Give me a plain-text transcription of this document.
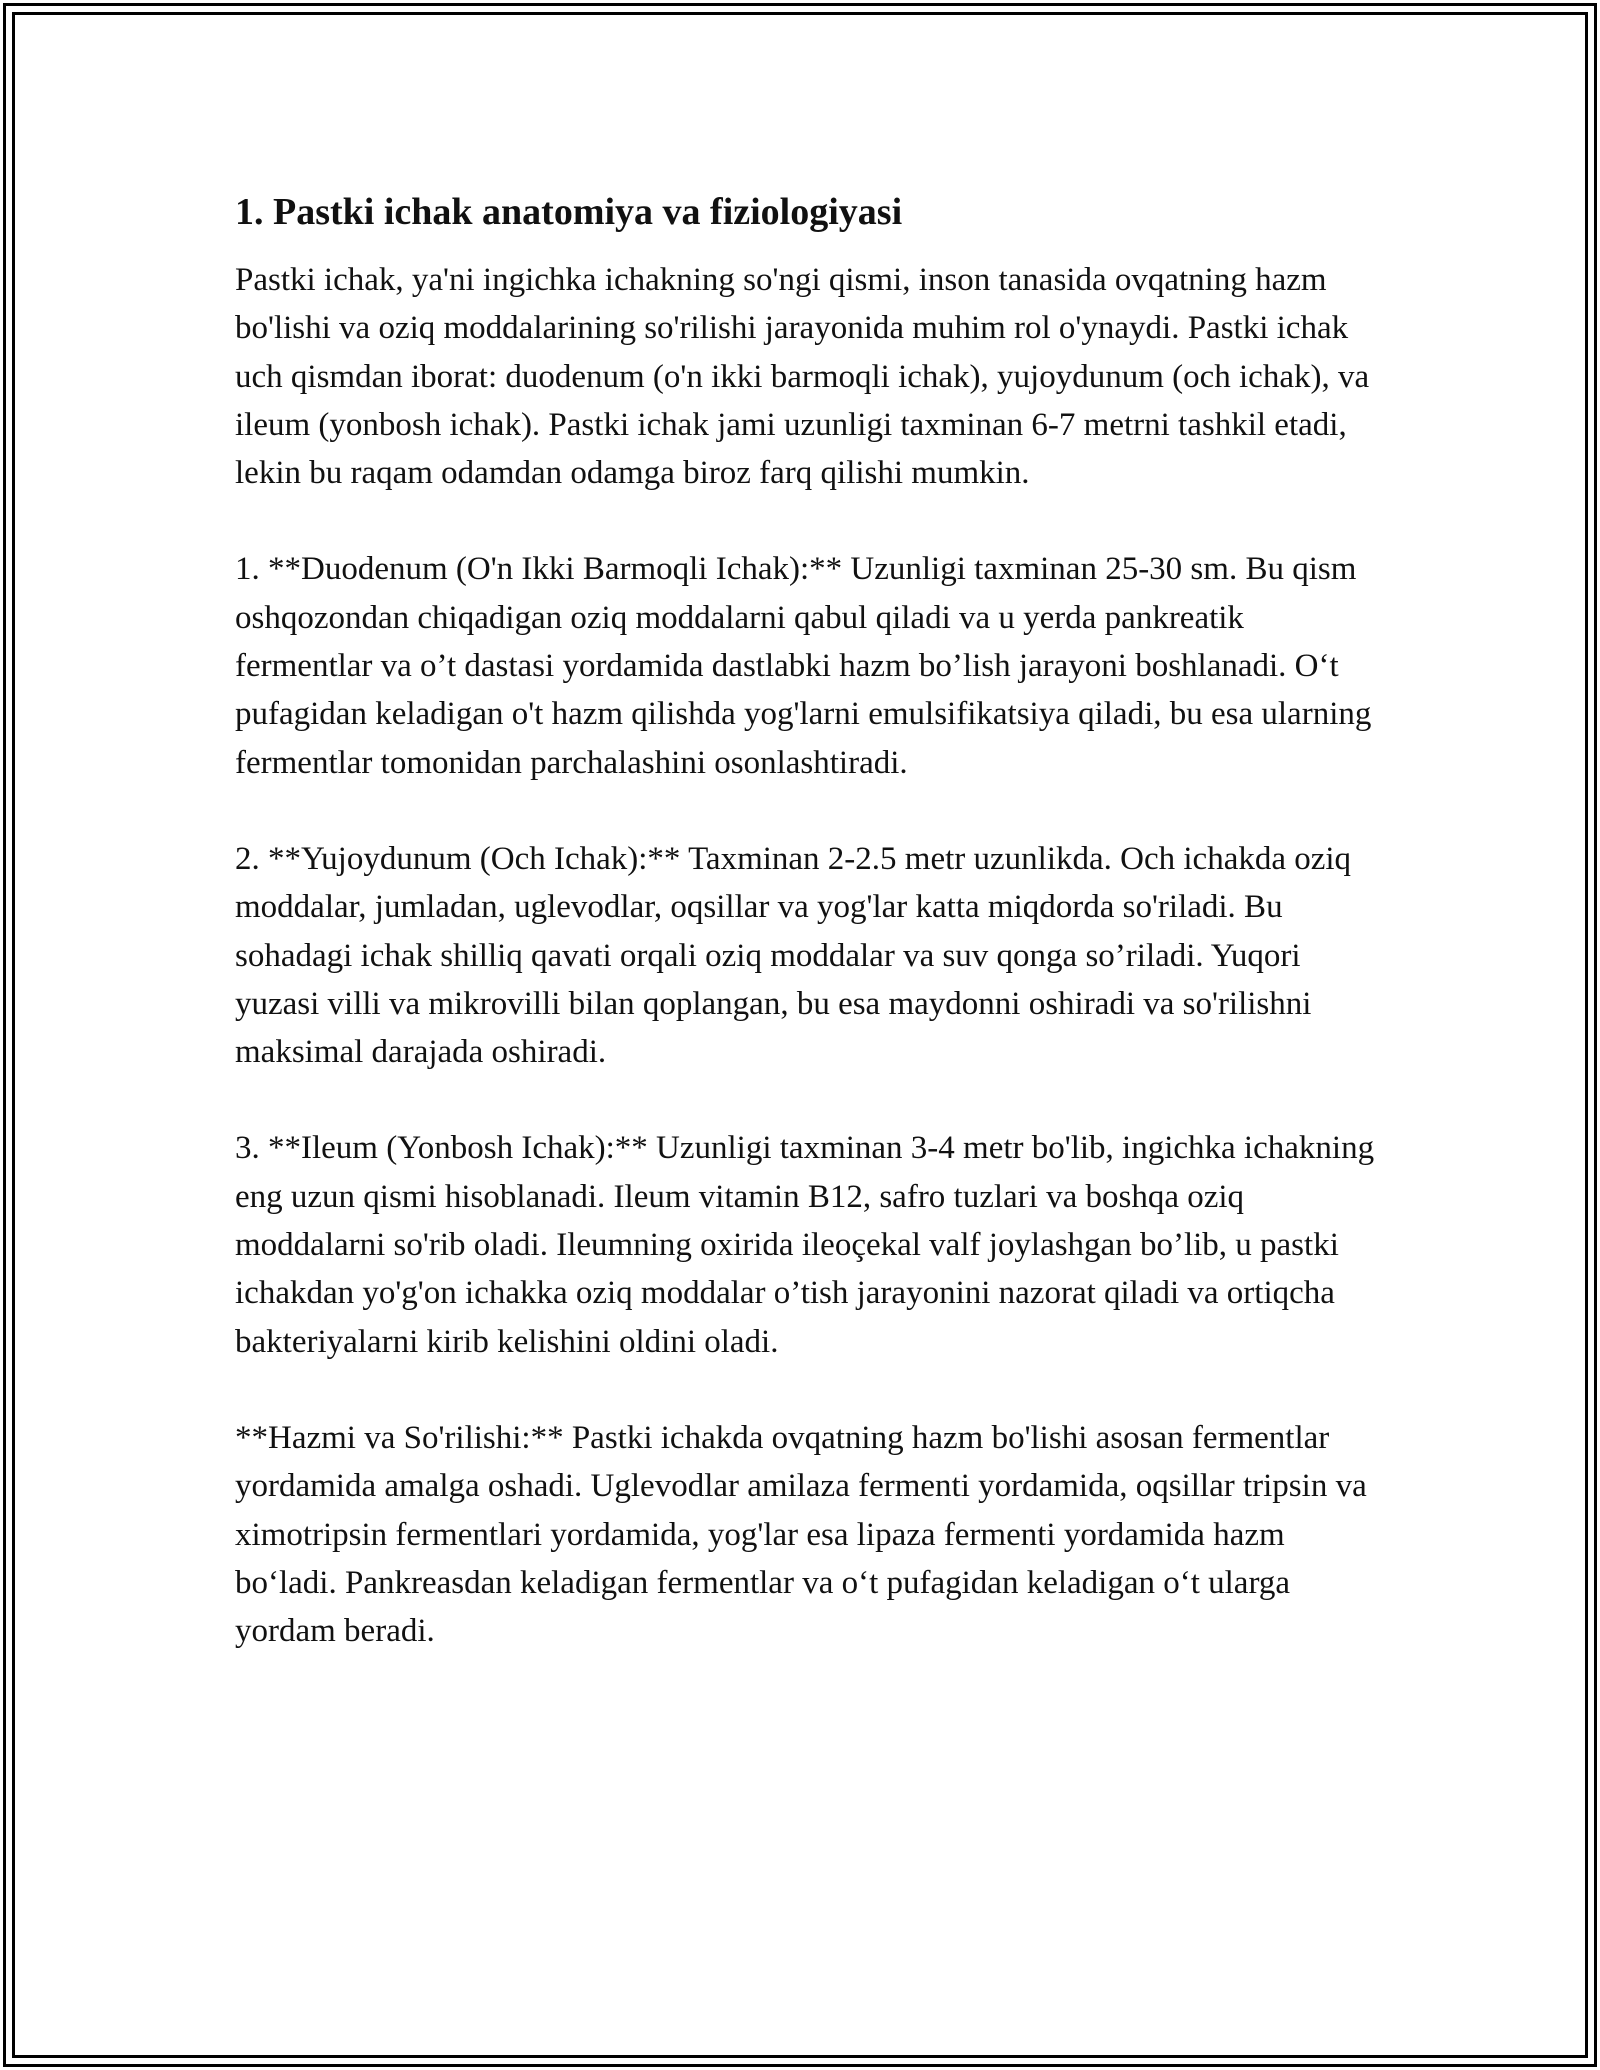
1. Pastki ichak anatomiya va fiziologiyasi

Pastki ichak, ya'ni ingichka ichakning so'ngi qismi, inson tanasida ovqatning hazm bo'lishi va oziq moddalarining so'rilishi jarayonida muhim rol o'ynaydi. Pastki ichak uch qismdan iborat: duodenum (o'n ikki barmoqli ichak), yujoydunum (och ichak), va ileum (yonbosh ichak). Pastki ichak jami uzunligi taxminan 6-7 metrni tashkil etadi, lekin bu raqam odamdan odamga biroz farq qilishi mumkin.

1. **Duodenum (O'n Ikki Barmoqli Ichak):** Uzunligi taxminan 25-30 sm. Bu qism oshqozondan chiqadigan oziq moddalarni qabul qiladi va u yerda pankreatik fermentlar va o’t dastasi yordamida dastlabki hazm bo’lish jarayoni boshlanadi. O‘t pufagidan keladigan o't hazm qilishda yog'larni emulsifikatsiya qiladi, bu esa ularning fermentlar tomonidan parchalashini osonlashtiradi.

2. **Yujoydunum (Och Ichak):** Taxminan 2-2.5 metr uzunlikda. Och ichakda oziq moddalar, jumladan, uglevodlar, oqsillar va yog'lar katta miqdorda so'riladi. Bu sohadagi ichak shilliq qavati orqali oziq moddalar va suv qonga so’riladi. Yuqori yuzasi villi va mikrovilli bilan qoplangan, bu esa maydonni oshiradi va so'rilishni maksimal darajada oshiradi.

3. **Ileum (Yonbosh Ichak):** Uzunligi taxminan 3-4 metr bo'lib, ingichka ichakning eng uzun qismi hisoblanadi. Ileum vitamin B12, safro tuzlari va boshqa oziq moddalarni so'rib oladi. Ileumning oxirida ileoçekal valf joylashgan bo’lib, u pastki ichakdan yo'g'on ichakka oziq moddalar o’tish jarayonini nazorat qiladi va ortiqcha bakteriyalarni kirib kelishini oldini oladi.

**Hazmi va So'rilishi:** Pastki ichakda ovqatning hazm bo'lishi asosan fermentlar yordamida amalga oshadi. Uglevodlar amilaza fermenti yordamida, oqsillar tripsin va ximotripsin fermentlari yordamida, yog'lar esa lipaza fermenti yordamida hazm bo‘ladi. Pankreasdan keladigan fermentlar va o‘t pufagidan keladigan o‘t ularga yordam beradi.
